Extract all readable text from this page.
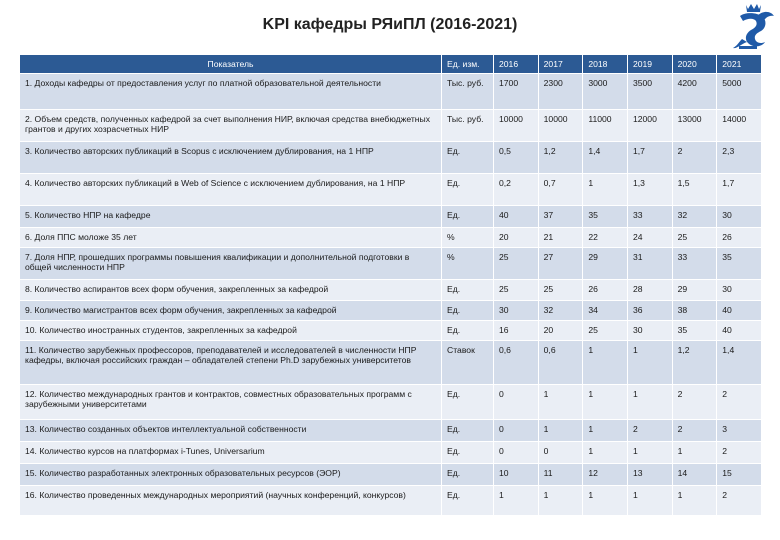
KPI кафедры РЯиПЛ (2016-2021)
Показатель	Ед. изм.	2016	2017	2018	2019	2020	2021
1. Доходы кафедры от предоставления услуг по платной образовательной деятельности	Тыс. руб.	1700	2300	3000	3500	4200	5000
2. Объем средств, полученных кафедрой за счет выполнения НИР, включая средства внебюджетных грантов и других хозрасчетных НИР	Тыс. руб.	10000	10000	11000	12000	13000	14000
3. Количество авторских публикаций в Scopus с исключением дублирования, на 1 НПР	Ед.	0,5	1,2	1,4	1,7	2	2,3
4. Количество авторских публикаций в Web of Science с исключением дублирования, на 1 НПР	Ед.	0,2	0,7	1	1,3	1,5	1,7
5. Количество НПР на кафедре	Ед.	40	37	35	33	32	30
6. Доля ППС моложе 35 лет	%	20	21	22	24	25	26
7. Доля НПР, прошедших программы повышения квалификации и дополнительной подготовки в общей численности НПР	%	25	27	29	31	33	35
8. Количество аспирантов всех форм обучения, закрепленных за кафедрой	Ед.	25	25	26	28	29	30
9. Количество магистрантов всех форм обучения, закрепленных за кафедрой	Ед.	30	32	34	36	38	40
10. Количество иностранных студентов, закрепленных за кафедрой	Ед.	16	20	25	30	35	40
11. Количество зарубежных профессоров, преподавателей и исследователей в численности НПР кафедры, включая российских граждан – обладателей степени Ph.D зарубежных университетов	Ставок	0,6	0,6	1	1	1,2	1,4
12. Количество международных грантов и контрактов, совместных образовательных программ с зарубежными университетами	Ед.	0	1	1	1	2	2
13. Количество созданных объектов интеллектуальной собственности	Ед.	0	1	1	2	2	3
14. Количество курсов на платформах i-Tunes, Universarium	Ед.	0	0	1	1	1	2
15. Количество разработанных электронных образовательных ресурсов (ЭОР)	Ед.	10	11	12	13	14	15
16. Количество проведенных международных мероприятий (научных конференций, конкурсов)	Ед.	1	1	1	1	1	2
